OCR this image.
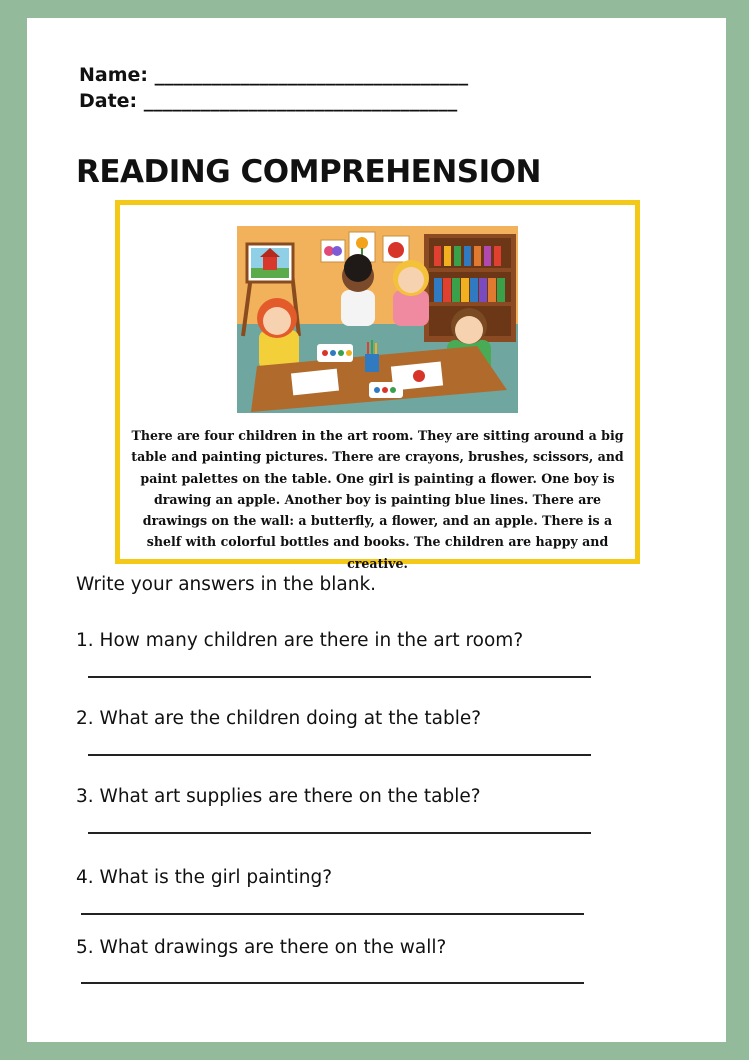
Name: _________________________________
Date: _________________________________
READING COMPREHENSION
There are four children in the art room. They are sitting around a big table and painting pictures. There are crayons, brushes, scissors, and paint palettes on the table. One girl is painting a flower. One boy is drawing an apple. Another boy is painting blue lines. There are drawings on the wall: a butterfly, a flower, and an apple. There is a shelf with colorful bottles and books. The children are happy and creative.
Write your answers in the blank.
1. How many children are there in the art room?
2. What are the children doing at the table?
3. What art supplies are there on the table?
4. What is the girl painting?
5. What drawings are there on the wall?
